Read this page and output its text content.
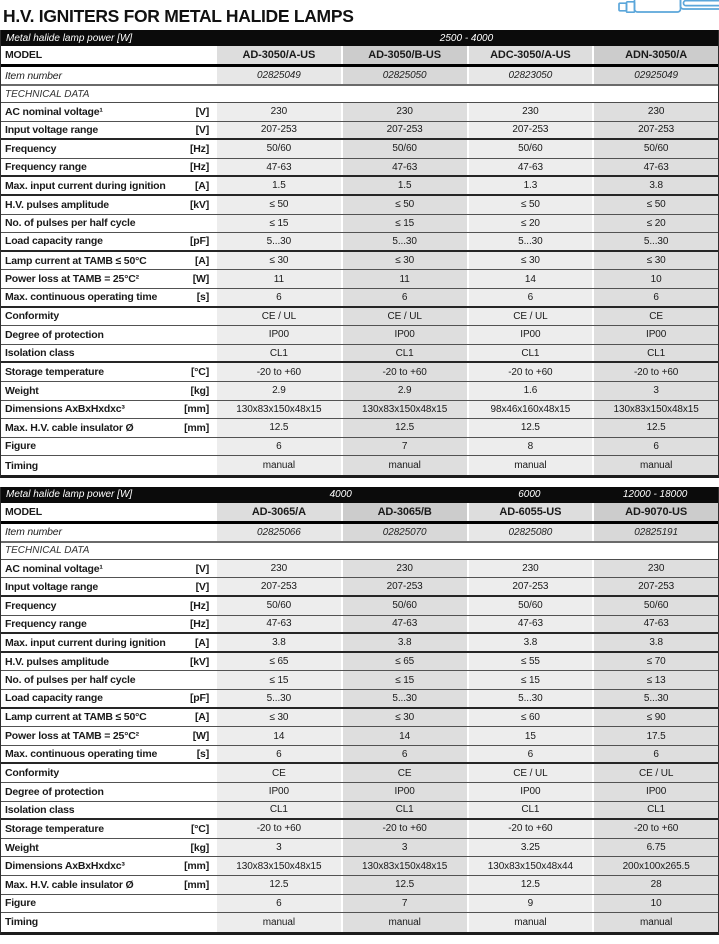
H.V. IGNITERS FOR METAL HALIDE LAMPS
Metal halide lamp power [W]	2500 - 4000
MODEL	AD-3050/A-US	AD-3050/B-US	ADC-3050/A-US	ADN-3050/A
Item number	02825049	02825050	02823050	02925049
TECHNICAL DATA
AC nominal voltage¹	[V]	230	230	230	230
Input voltage range	[V]	207-253	207-253	207-253	207-253
Frequency	[Hz]	50/60	50/60	50/60	50/60
Frequency range	[Hz]	47-63	47-63	47-63	47-63
Max. input current during ignition	[A]	1.5	1.5	1.3	3.8
H.V. pulses amplitude	[kV]	≤ 50	≤ 50	≤ 50	≤ 50
No. of pulses per half cycle	≤ 15	≤ 15	≤ 20	≤ 20
Load capacity range	[pF]	5...30	5...30	5...30	5...30
Lamp current at TAMB ≤ 50°C	[A]	≤ 30	≤ 30	≤ 30	≤ 30
Power loss at TAMB = 25°C²	[W]	11	11	14	10
Max. continuous operating time	[s]	6	6	6	6
Conformity	CE / UL	CE / UL	CE / UL	CE
Degree of protection	IP00	IP00	IP00	IP00
Isolation class	CL1	CL1	CL1	CL1
Storage temperature	[°C]	-20 to +60	-20 to +60	-20 to +60	-20 to +60
Weight	[kg]	2.9	2.9	1.6	3
Dimensions AxBxHxdxc³	[mm]	130x83x150x48x15	130x83x150x48x15	98x46x160x48x15	130x83x150x48x15
Max. H.V. cable insulator Ø	[mm]	12.5	12.5	12.5	12.5
Figure	6	7	8	6
Timing	manual	manual	manual	manual
Metal halide lamp power [W]	4000	6000	12000 - 18000
MODEL	AD-3065/A	AD-3065/B	AD-6055-US	AD-9070-US
Item number	02825066	02825070	02825080	02825191
TECHNICAL DATA
AC nominal voltage¹	[V]	230	230	230	230
Input voltage range	[V]	207-253	207-253	207-253	207-253
Frequency	[Hz]	50/60	50/60	50/60	50/60
Frequency range	[Hz]	47-63	47-63	47-63	47-63
Max. input current during ignition	[A]	3.8	3.8	3.8	3.8
H.V. pulses amplitude	[kV]	≤ 65	≤ 65	≤ 55	≤ 70
No. of pulses per half cycle	≤ 15	≤ 15	≤ 15	≤ 13
Load capacity range	[pF]	5...30	5...30	5...30	5...30
Lamp current at TAMB ≤ 50°C	[A]	≤ 30	≤ 30	≤ 60	≤ 90
Power loss at TAMB = 25°C²	[W]	14	14	15	17.5
Max. continuous operating time	[s]	6	6	6	6
Conformity	CE	CE	CE / UL	CE / UL
Degree of protection	IP00	IP00	IP00	IP00
Isolation class	CL1	CL1	CL1	CL1
Storage temperature	[°C]	-20 to +60	-20 to +60	-20 to +60	-20 to +60
Weight	[kg]	3	3	3.25	6.75
Dimensions AxBxHxdxc³	[mm]	130x83x150x48x15	130x83x150x48x15	130x83x150x48x44	200x100x265.5
Max. H.V. cable insulator Ø	[mm]	12.5	12.5	12.5	28
Figure	6	7	9	10
Timing	manual	manual	manual	manual
